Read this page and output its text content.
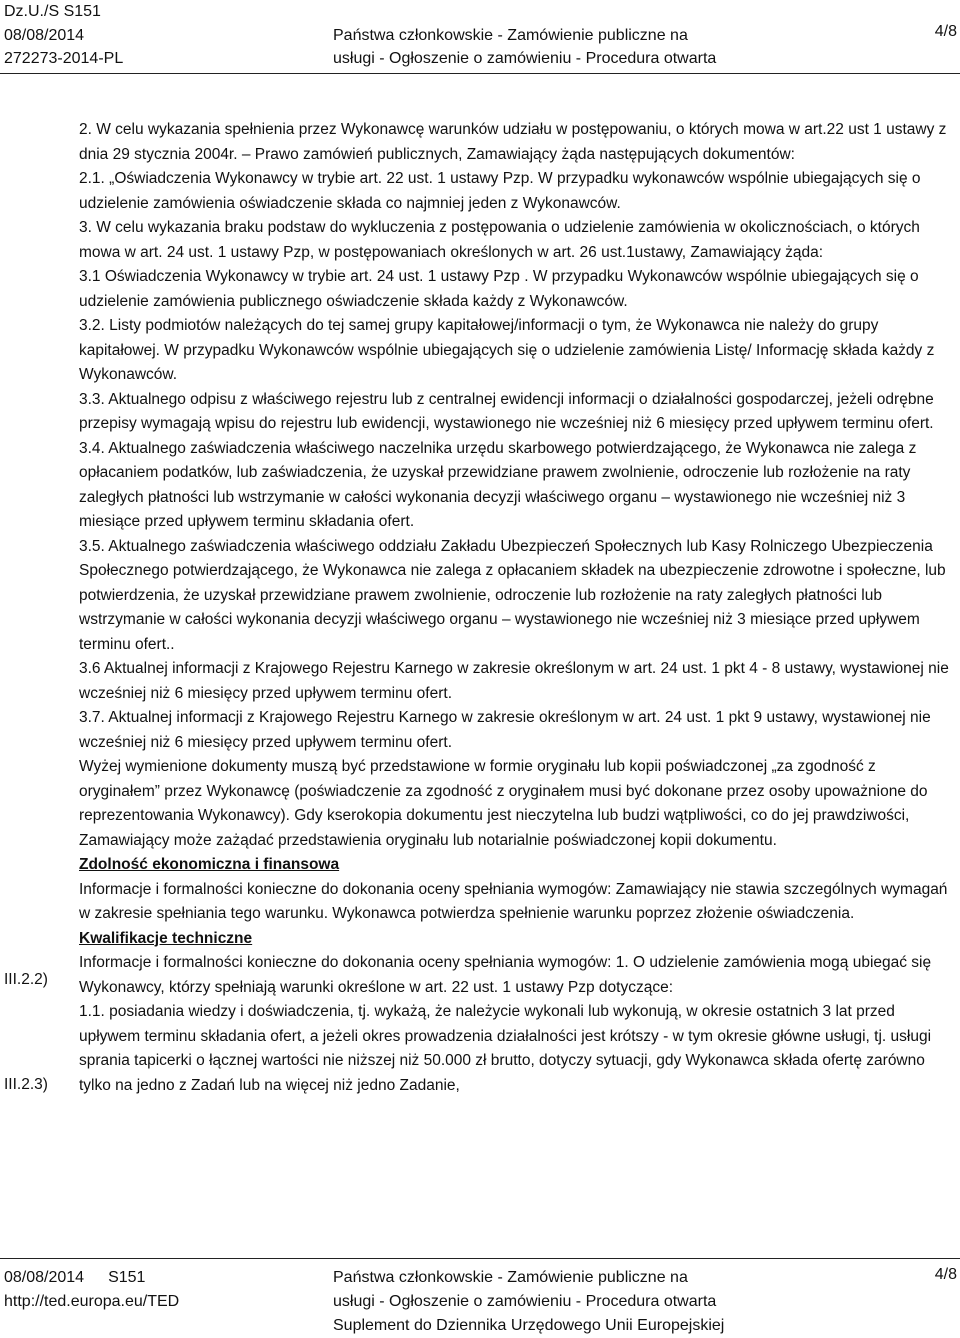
Dz.U./S S151
08/08/2014
272273-2014-PL
Państwa członkowskie - Zamówienie publiczne na
usługi - Ogłoszenie o zamówieniu - Procedura otwarta
4/8
III.2.2)
III.2.3)

2. W celu wykazania spełnienia przez Wykonawcę warunków udziału w postępowaniu, o których mowa w art.22 ust 1 ustawy z dnia 29 stycznia 2004r. – Prawo zamówień publicznych, Zamawiający żąda następujących dokumentów:

2.1. „Oświadczenia Wykonawcy w trybie art. 22 ust. 1 ustawy Pzp. W przypadku wykonawców wspólnie ubiegających się o udzielenie zamówienia oświadczenie składa co najmniej jeden z Wykonawców.

3. W celu wykazania braku podstaw do wykluczenia z postępowania o udzielenie zamówienia w okolicznościach, o których mowa w art. 24 ust. 1 ustawy Pzp, w postępowaniach określonych w art. 26 ust.1ustawy, Zamawiający żąda:

3.1 Oświadczenia Wykonawcy w trybie art. 24 ust. 1 ustawy Pzp . W przypadku Wykonawców wspólnie ubiegających się o udzielenie zamówienia publicznego oświadczenie składa każdy z Wykonawców.

3.2. Listy podmiotów należących do tej samej grupy kapitałowej/informacji o tym, że Wykonawca nie należy do grupy kapitałowej. W przypadku Wykonawców wspólnie ubiegających się o udzielenie zamówienia Listę/ Informację składa każdy z Wykonawców.

3.3. Aktualnego odpisu z właściwego rejestru lub z centralnej ewidencji informacji o działalności gospodarczej, jeżeli odrębne przepisy wymagają wpisu do rejestru lub ewidencji, wystawionego nie wcześniej niż 6 miesięcy przed upływem terminu ofert.

3.4. Aktualnego zaświadczenia właściwego naczelnika urzędu skarbowego potwierdzającego, że Wykonawca nie zalega z opłacaniem podatków, lub zaświadczenia, że uzyskał przewidziane prawem zwolnienie, odroczenie lub rozłożenie na raty zaległych płatności lub wstrzymanie w całości wykonania decyzji właściwego organu – wystawionego nie wcześniej niż 3 miesiące przed upływem terminu składania ofert.

3.5. Aktualnego zaświadczenia właściwego oddziału Zakładu Ubezpieczeń Społecznych lub Kasy Rolniczego Ubezpieczenia Społecznego potwierdzającego, że Wykonawca nie zalega z opłacaniem składek na ubezpieczenie zdrowotne i społeczne, lub potwierdzenia, że uzyskał przewidziane prawem zwolnienie, odroczenie lub rozłożenie na raty zaległych płatności lub wstrzymanie w całości wykonania decyzji właściwego organu – wystawionego nie wcześniej niż 3 miesiące przed upływem terminu ofert..

3.6 Aktualnej informacji z Krajowego Rejestru Karnego w zakresie określonym w art. 24 ust. 1 pkt 4 - 8 ustawy, wystawionej nie wcześniej niż 6 miesięcy przed upływem terminu ofert.

3.7. Aktualnej informacji z Krajowego Rejestru Karnego w zakresie określonym w art. 24 ust. 1 pkt 9 ustawy, wystawionej nie wcześniej niż 6 miesięcy przed upływem terminu ofert.

Wyżej wymienione dokumenty muszą być przedstawione w formie oryginału lub kopii poświadczonej „za zgodność z oryginałem” przez Wykonawcę (poświadczenie za zgodność z oryginałem musi być dokonane przez osoby upoważnione do reprezentowania Wykonawcy). Gdy kserokopia dokumentu jest nieczytelna lub budzi wątpliwości, co do jej prawdziwości, Zamawiający może zażądać przedstawienia oryginału lub notarialnie poświadczonej kopii dokumentu.

Zdolność ekonomiczna i finansowa

Informacje i formalności konieczne do dokonania oceny spełniania wymogów: Zamawiający nie stawia szczególnych wymagań w zakresie spełniania tego warunku. Wykonawca potwierdza spełnienie warunku poprzez złożenie oświadczenia.

Kwalifikacje techniczne

Informacje i formalności konieczne do dokonania oceny spełniania wymogów: 1. O udzielenie zamówienia mogą ubiegać się Wykonawcy, którzy spełniają warunki określone w art. 22 ust. 1 ustawy Pzp dotyczące:

1.1. posiadania wiedzy i doświadczenia, tj. wykażą, że należycie wykonali lub wykonują, w okresie ostatnich 3 lat przed upływem terminu składania ofert, a jeżeli okres prowadzenia działalności jest krótszy - w tym okresie główne usługi, tj. usługi sprania tapicerki o łącznej wartości nie niższej niż 50.000 zł brutto, dotyczy sytuacji, gdy Wykonawca składa ofertę zarówno tylko na jedno z Zadań lub na więcej niż jedno Zadanie,

08/08/2014 S151
http://ted.europa.eu/TED
Państwa członkowskie - Zamówienie publiczne na
usługi - Ogłoszenie o zamówieniu - Procedura otwarta
Suplement do Dziennika Urzędowego Unii Europejskiej
4/8
